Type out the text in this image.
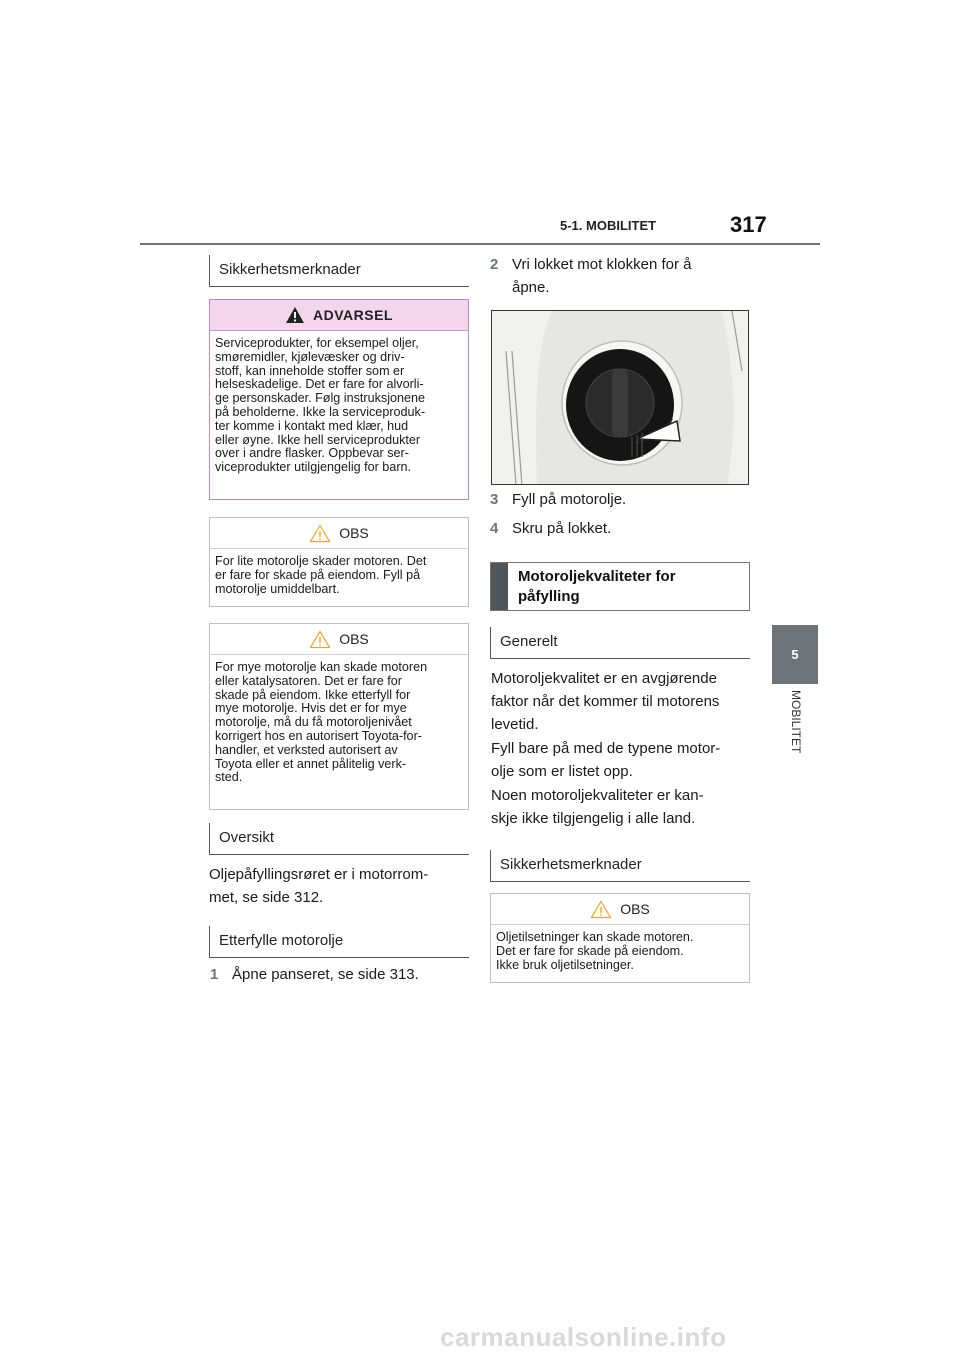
5-1. MOBILITET	317
5
MOBILITET
Sikkerhetsmerknader
ADVARSEL
Serviceprodukter, for eksempel oljer,
smøremidler, kjølevæsker og driv-
stoff, kan inneholde stoffer som er
helseskadelige. Det er fare for alvorli-
ge personskader. Følg instruksjonene
på beholderne. Ikke la serviceproduk-
ter komme i kontakt med klær, hud
eller øyne. Ikke hell serviceprodukter
over i andre flasker. Oppbevar ser-
viceprodukter utilgjengelig for barn.
OBS
For lite motorolje skader motoren. Det
er fare for skade på eiendom. Fyll på
motorolje umiddelbart.
OBS
For mye motorolje kan skade motoren
eller katalysatoren. Det er fare for
skade på eiendom. Ikke etterfyll for
mye motorolje. Hvis det er for mye
motorolje, må du få motoroljenivået
korrigert hos en autorisert Toyota-for-
handler, et verksted autorisert av
Toyota eller et annet pålitelig verk-
sted.
Oversikt
Oljepåfyllingsrøret er i motorrom-
met, se side 312.
Etterfylle motorolje
1 Åpne panseret, se side 313.
2 Vri lokket mot klokken for å
åpne.
3 Fyll på motorolje.
4 Skru på lokket.
Motoroljekvaliteter for
påfylling
Generelt
Motoroljekvalitet er en avgjørende
faktor når det kommer til motorens
levetid.
Fyll bare på med de typene motor-
olje som er listet opp.
Noen motoroljekvaliteter er kan-
skje ikke tilgjengelig i alle land.
Sikkerhetsmerknader
OBS
Oljetilsetninger kan skade motoren.
Det er fare for skade på eiendom.
Ikke bruk oljetilsetninger.
carmanualsonline.info
